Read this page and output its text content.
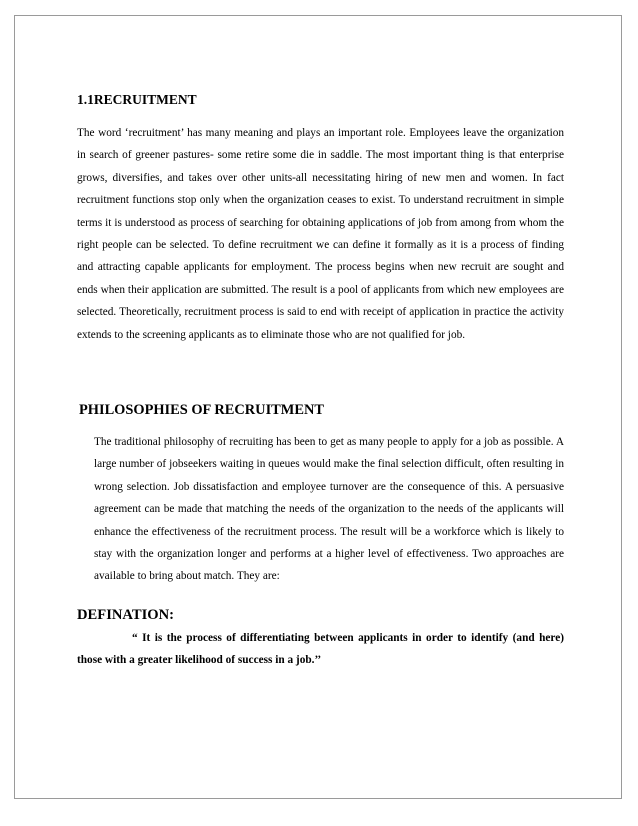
1.1RECRUITMENT

The word ‘recruitment’ has many meaning and plays an important role. Employees leave the organization in search of greener pastures- some retire some die in saddle. The most important thing is that enterprise grows, diversifies, and takes over other units-all necessitating hiring of new men and women. In fact recruitment functions stop only when the organization ceases to exist. To understand recruitment in simple terms it is understood as process of searching for obtaining applications of job from among from whom the right people can be selected. To define recruitment we can define it formally as it is a process of finding and attracting capable applicants for employment. The process begins when new recruit are sought and ends when their application are submitted. The result is a pool of applicants from which new employees are selected. Theoretically, recruitment process is said to end with receipt of application in practice the activity extends to the screening applicants as to eliminate those who are not qualified for job.

PHILOSOPHIES OF RECRUITMENT

The traditional philosophy of recruiting has been to get as many people to apply for a job as possible. A large number of jobseekers waiting in queues would make the final selection difficult, often resulting in wrong selection. Job dissatisfaction and employee turnover are the consequence of this. A persuasive agreement can be made that matching the needs of the organization to the needs of the applicants will enhance the effectiveness of the recruitment process. The result will be a workforce which is likely to stay with the organization longer and performs at a higher level of effectiveness. Two approaches are available to bring about match. They are:

DEFINATION:

“ It is the process of differentiating between applicants in order to identify (and here) those with a greater likelihood of success in a job.’’
